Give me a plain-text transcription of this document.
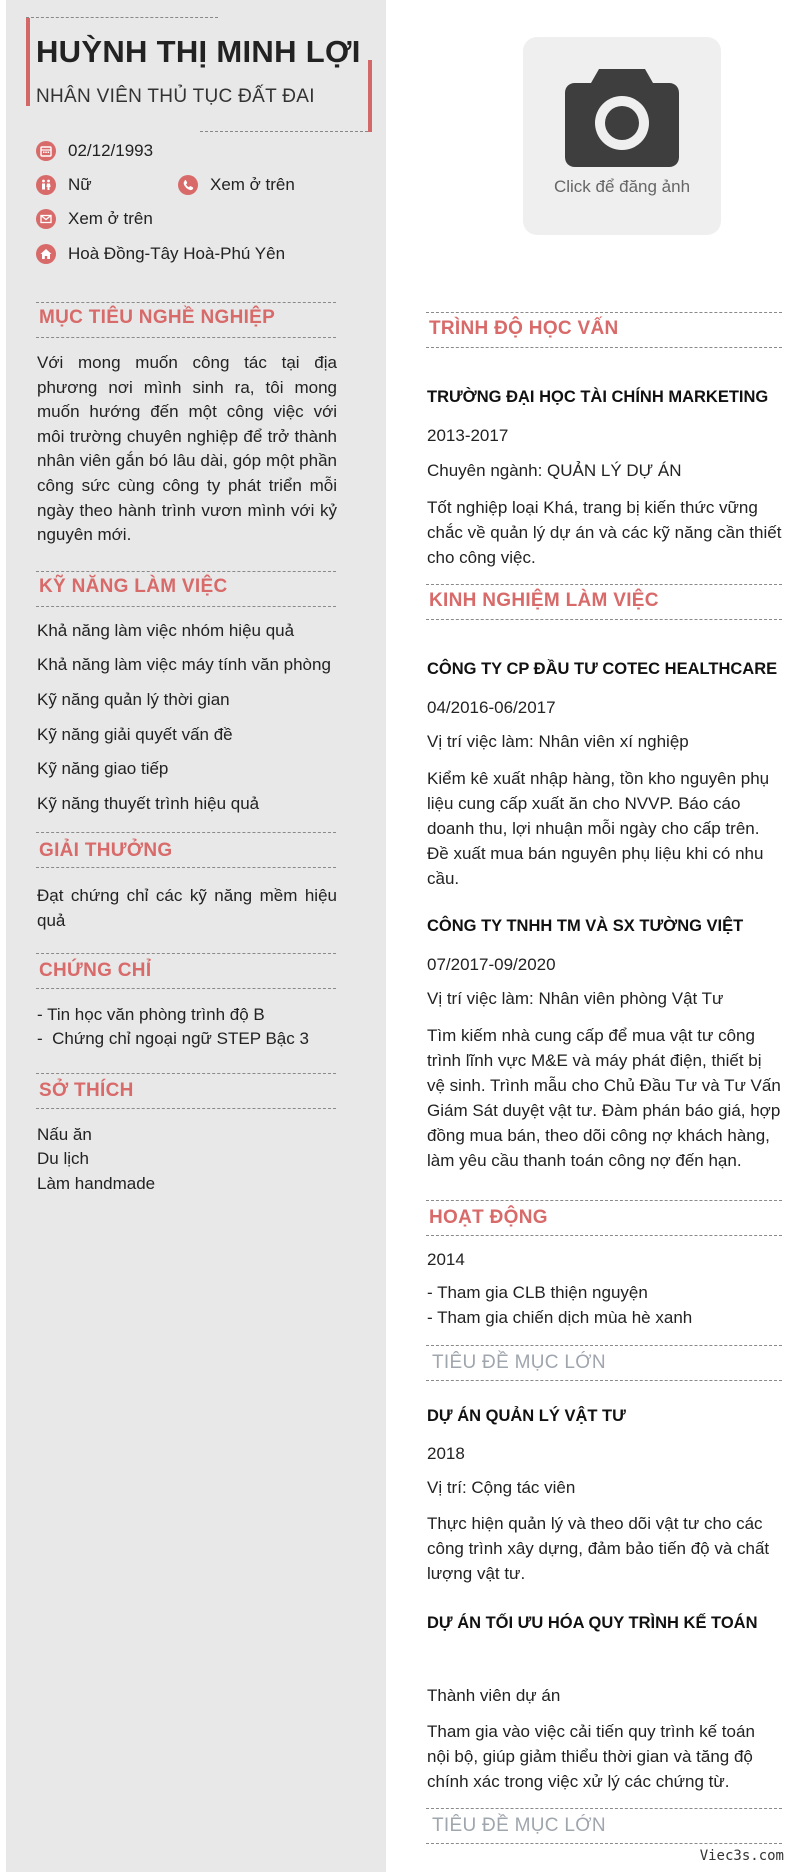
HUỲNH THỊ MINH LỢI
NHÂN VIÊN THỦ TỤC ĐẤT ĐAI
02/12/1993
Nữ	Xem ở trên
Xem ở trên
Hoà Đồng-Tây Hoà-Phú Yên
MỤC TIÊU NGHỀ NGHIỆP
Với mong muốn công tác tại địa phương nơi mình sinh ra, tôi mong muốn hướng đến một công việc với môi trường chuyên nghiệp để trở thành nhân viên gắn bó lâu dài, góp một phần công sức cùng công ty phát triển mỗi ngày theo hành trình vươn mình với kỷ nguyên mới.
KỸ NĂNG LÀM VIỆC
Khả năng làm việc nhóm hiệu quả
Khả năng làm việc máy tính văn phòng
Kỹ năng quản lý thời gian
Kỹ năng giải quyết vấn đề
Kỹ năng giao tiếp
Kỹ năng thuyết trình hiệu quả
GIẢI THƯỞNG
Đạt chứng chỉ các kỹ năng mềm hiệu quả
CHỨNG CHỈ
- Tin học văn phòng trình độ B
-  Chứng chỉ ngoại ngữ STEP Bậc 3
SỞ THÍCH
Nấu ăn
Du lịch
Làm handmade
Click để đăng ảnh
TRÌNH ĐỘ HỌC VẤN
TRƯỜNG ĐẠI HỌC TÀI CHÍNH MARKETING
2013-2017
Chuyên ngành: QUẢN LÝ DỰ ÁN
Tốt nghiệp loại Khá, trang bị kiến thức vững chắc về quản lý dự án và các kỹ năng cần thiết cho công việc.
KINH NGHIỆM LÀM VIỆC
CÔNG TY CP ĐẦU TƯ COTEC HEALTHCARE
04/2016-06/2017
Vị trí việc làm: Nhân viên xí nghiệp
Kiểm kê xuất nhập hàng, tồn kho nguyên phụ liệu cung cấp xuất ăn cho NVVP. Báo cáo doanh thu, lợi nhuận mỗi ngày cho cấp trên. Đề xuất mua bán nguyên phụ liệu khi có nhu cầu.
CÔNG TY TNHH TM VÀ SX TƯỜNG VIỆT
07/2017-09/2020
Vị trí việc làm: Nhân viên phòng Vật Tư
Tìm kiếm nhà cung cấp để mua vật tư công trình lĩnh vực M&E và máy phát điện, thiết bị vệ sinh. Trình mẫu cho Chủ Đầu Tư và Tư Vấn Giám Sát duyệt vật tư. Đàm phán báo giá, hợp đồng mua bán, theo dõi công nợ khách hàng, làm yêu cầu thanh toán công nợ đến hạn.
HOẠT ĐỘNG
2014
- Tham gia CLB thiện nguyện
- Tham gia chiến dịch mùa hè xanh
TIÊU ĐỀ MỤC LỚN
DỰ ÁN QUẢN LÝ VẬT TƯ
2018
Vị trí: Cộng tác viên
Thực hiện quản lý và theo dõi vật tư cho các công trình xây dựng, đảm bảo tiến độ và chất lượng vật tư.
DỰ ÁN TỐI ƯU HÓA QUY TRÌNH KẾ TOÁN
Thành viên dự án
Tham gia vào việc cải tiến quy trình kế toán nội bộ, giúp giảm thiểu thời gian và tăng độ chính xác trong việc xử lý các chứng từ.
TIÊU ĐỀ MỤC LỚN
Viec3s.com
